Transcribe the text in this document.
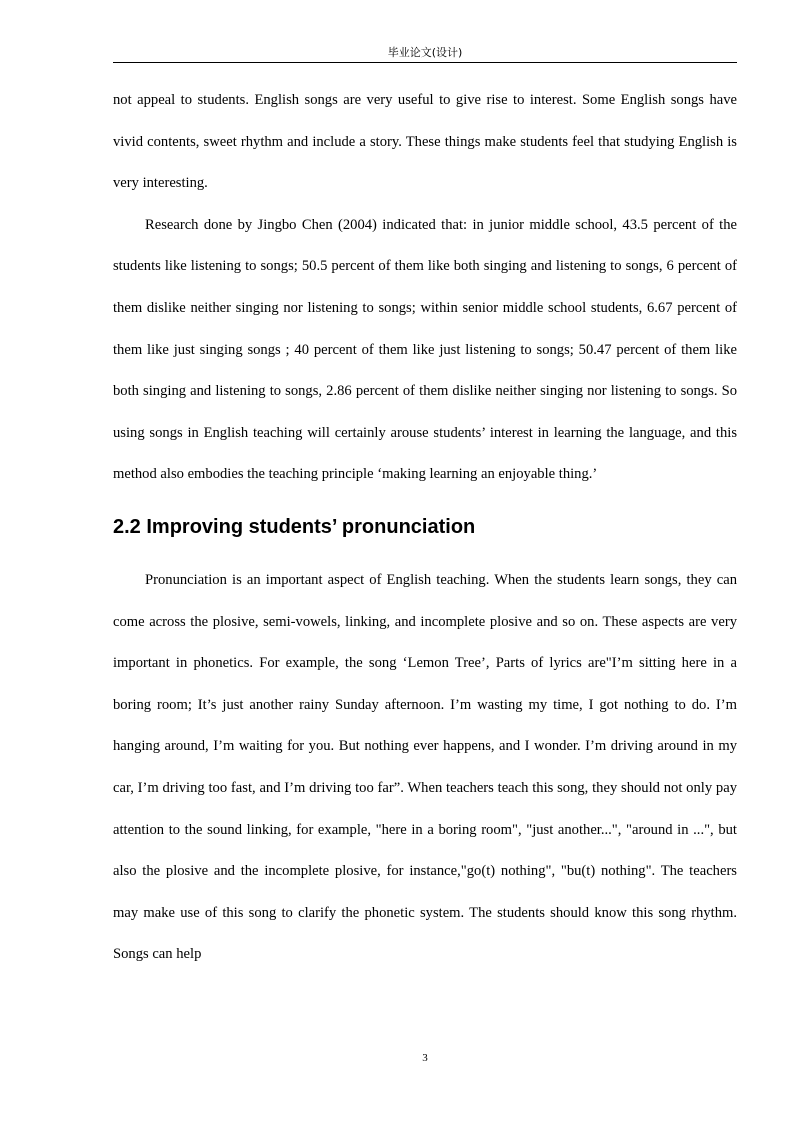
毕业论文(设计)

not appeal to students. English songs are very useful to give rise to interest. Some English songs have vivid contents, sweet rhythm and include a story. These things make students feel that studying English is very interesting.

Research done by Jingbo Chen (2004) indicated that: in junior middle school, 43.5 percent of the students like listening to songs; 50.5 percent of them like both singing and listening to songs, 6 percent of them dislike neither singing nor listening to songs; within senior middle school students, 6.67 percent of them like just singing songs ; 40 percent of them like just listening to songs; 50.47 percent of them like both singing and listening to songs, 2.86 percent of them dislike neither singing nor listening to songs. So using songs in English teaching will certainly arouse students’ interest in learning the language, and this method also embodies the teaching principle ‘making learning an enjoyable thing.’

2.2 Improving students’ pronunciation

Pronunciation is an important aspect of English teaching. When the students learn songs, they can come across the plosive, semi-vowels, linking, and incomplete plosive and so on. These aspects are very important in phonetics. For example, the song ‘Lemon Tree’, Parts of lyrics are"I’m sitting here in a boring room; It’s just another rainy Sunday afternoon. I’m wasting my time, I got nothing to do. I’m hanging around, I’m waiting for you. But nothing ever happens, and I wonder. I’m driving around in my car, I’m driving too fast, and I’m driving too far”. When teachers teach this song, they should not only pay attention to the sound linking, for example, "here in a boring room", "just another...", "around in ...", but also the plosive and the incomplete plosive, for instance,"go(t) nothing", "bu(t) nothing". The teachers may make use of this song to clarify the phonetic system. The students should know this song rhythm. Songs can help

3
